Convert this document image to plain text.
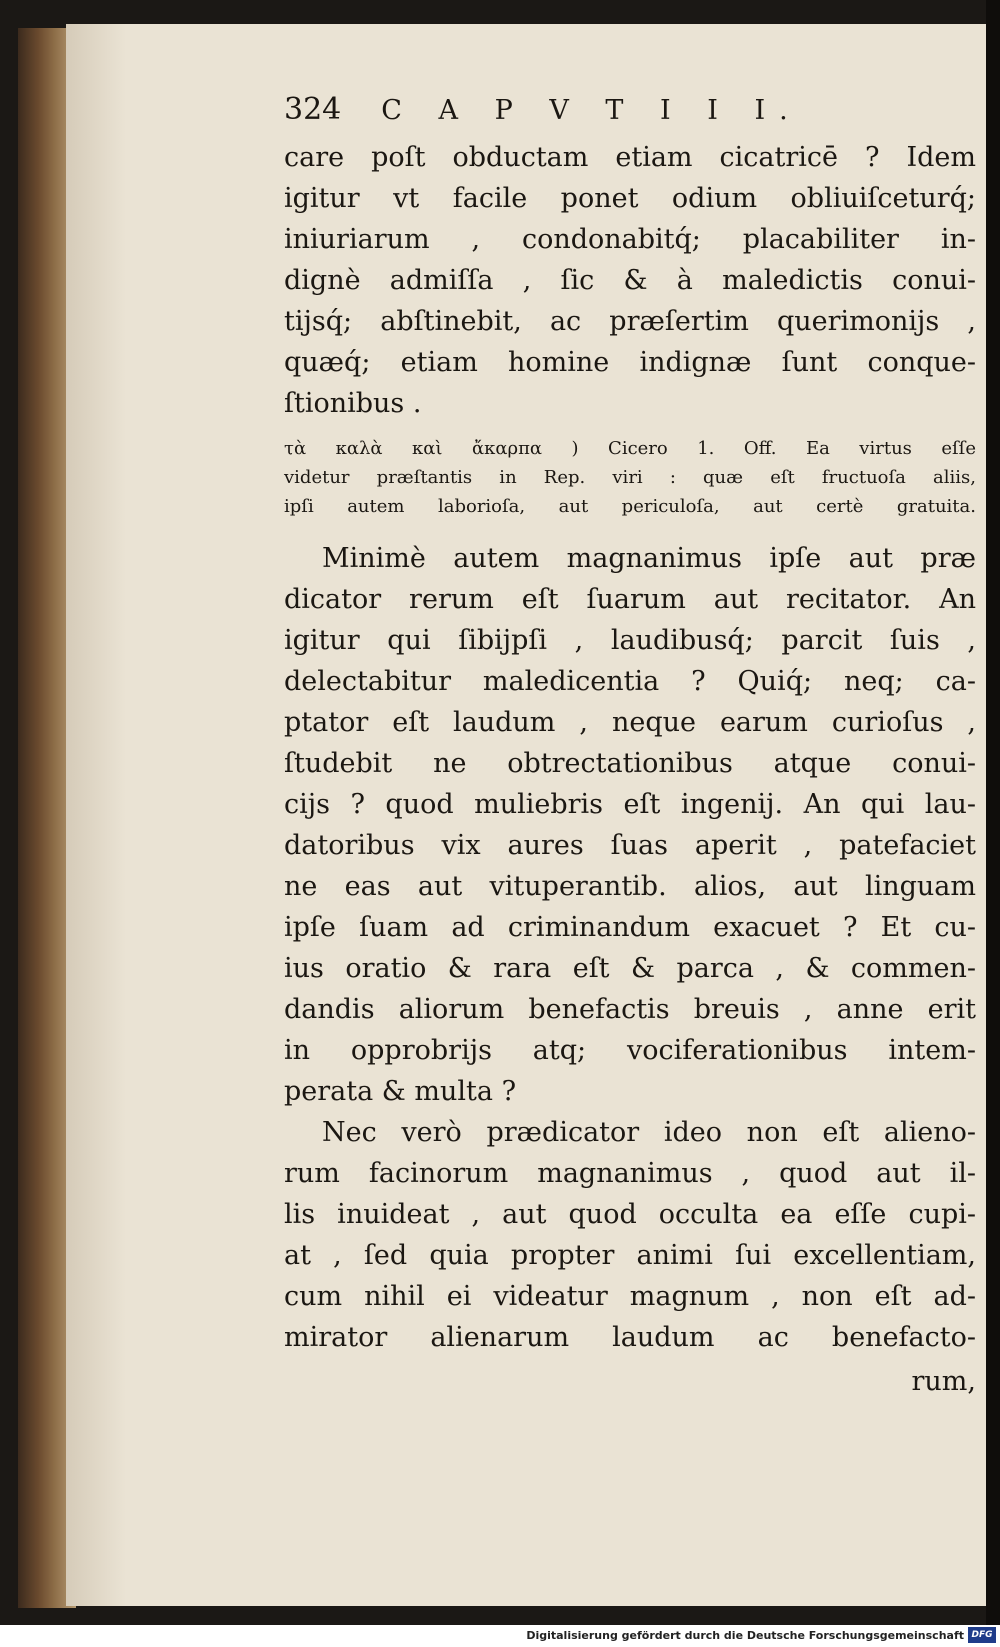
324 C A P V T I I I.
care poſt obductam etiam cicatricē ? Idem
igitur vt facile ponet odium obliuiſceturq́;
iniuriarum , condonabitq́; placabiliter in-
dignè admiſſa , ſic & à maledictis conui-
tijsq́; abſtinebit, ac præſertim querimonijs ,
quæq́; etiam homine indignæ ſunt conque-
ſtionibus .
τὰ καλὰ καὶ ἄκαρπα ) Cicero 1. Off. Ea virtus eſſe
videtur præſtantis in Rep. viri : quæ eſt fructuoſa aliis,
ipſi autem laborioſa, aut periculoſa, aut certè gratuita.
Minimè autem magnanimus ipſe aut præ
dicator rerum eſt ſuarum aut recitator. An
igitur qui ſibijpſi , laudibusq́; parcit ſuis ,
delectabitur maledicentia ? Quiq́; neq; ca-
ptator eſt laudum , neque earum curioſus ,
ſtudebit ne obtrectationibus atque conui-
cijs ? quod muliebris eſt ingenij. An qui lau-
datoribus vix aures ſuas aperit , patefaciet
ne eas aut vituperantib. alios, aut linguam
ipſe ſuam ad criminandum exacuet ? Et cu-
ius oratio & rara eſt & parca , & commen-
dandis aliorum benefactis breuis , anne erit
in opprobrijs atq; vociferationibus intem-
perata & multa ?
Nec verò prædicator ideo non eſt alieno-
rum facinorum magnanimus , quod aut il-
lis inuideat , aut quod occulta ea eſſe cupi-
at , ſed quia propter animi ſui excellentiam,
cum nihil ei videatur magnum , non eſt ad-
mirator alienarum laudum ac benefacto-
rum,
Digitalisierung gefördert durch die Deutsche Forschungsgemeinschaft DFG
